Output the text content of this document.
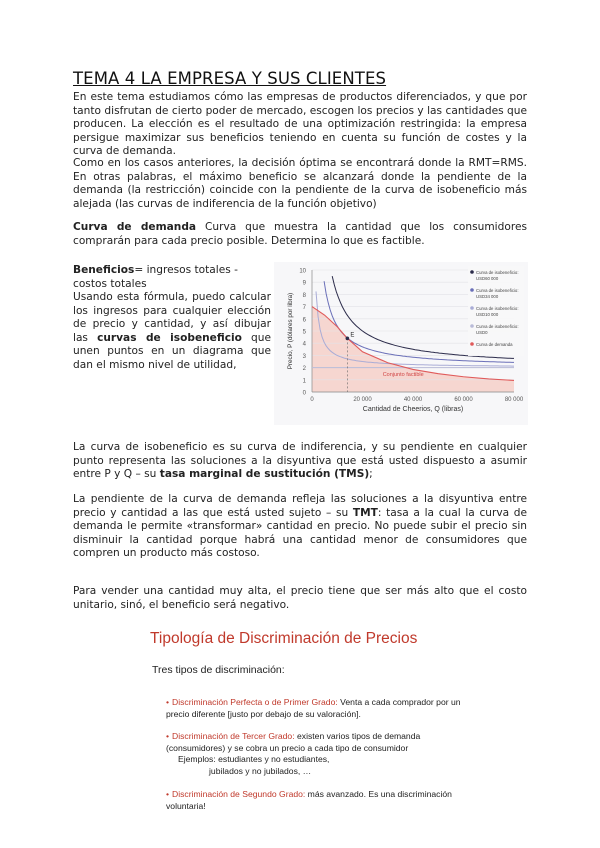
TEMA 4 LA EMPRESA Y SUS CLIENTES

En este tema estudiamos cómo las empresas de productos diferenciados, y que por tanto disfrutan de cierto poder de mercado, escogen los precios y las cantidades que producen. La elección es el resultado de una optimización restringida: la empresa persigue maximizar sus beneficios teniendo en cuenta su función de costes y la curva de demanda.

Como en los casos anteriores, la decisión óptima se encontrará donde la RMT=RMS. En otras palabras, el máximo beneficio se alcanzará donde la pendiente de la demanda (la restricción) coincide con la pendiente de la curva de isobeneficio más alejada (las curvas de indiferencia de la función objetivo)

Curva de demanda Curva que muestra la cantidad que los consumidores comprarán para cada precio posible. Determina lo que es factible.

Beneficios= ingresos totales - costos totales

Usando esta fórmula, puedo calcular los ingresos para cualquier elección de precio y cantidad, y así dibujar las curvas de isobeneficio que unen puntos en un diagrama que dan el mismo nivel de utilidad,

0
1
2
3
4
5
6
7
8
9
10
0	20 000	40 000	60 000	80 000
E
Conjunto factible
Cantidad de Cheerios, Q (libras)
Precio, P (dólares por libra)
Curva de isobeneficio: USD60 000
Curva de isobeneficio: USD34 000
Curva de isobeneficio: USD10 000
Curva de isobeneficio: USD0
Curva de demanda

La curva de isobeneficio es su curva de indiferencia, y su pendiente en cualquier punto representa las soluciones a la disyuntiva que está usted dispuesto a asumir entre P y Q – su tasa marginal de sustitución (TMS);

La pendiente de la curva de demanda refleja las soluciones a la disyuntiva entre precio y cantidad a las que está usted sujeto – su TMT: tasa a la cual la curva de demanda le permite «transformar» cantidad en precio. No puede subir el precio sin disminuir la cantidad porque habrá una cantidad menor de consumidores que compren un producto más costoso.

Para vender una cantidad muy alta, el precio tiene que ser más alto que el costo unitario, sinó, el beneficio será negativo.

Tipología de Discriminación de Precios
Tres tipos de discriminación:
• Discriminación Perfecta o de Primer Grado: Venta a cada comprador por un precio diferente [justo por debajo de su valoración].
• Discriminación de Tercer Grado: existen varios tipos de demanda (consumidores) y se cobra un precio a cada tipo de consumidor
Ejemplos: estudiantes y no estudiantes,
jubilados y no jubilados, …
• Discriminación de Segundo Grado: más avanzado. Es una discriminación voluntaria!
